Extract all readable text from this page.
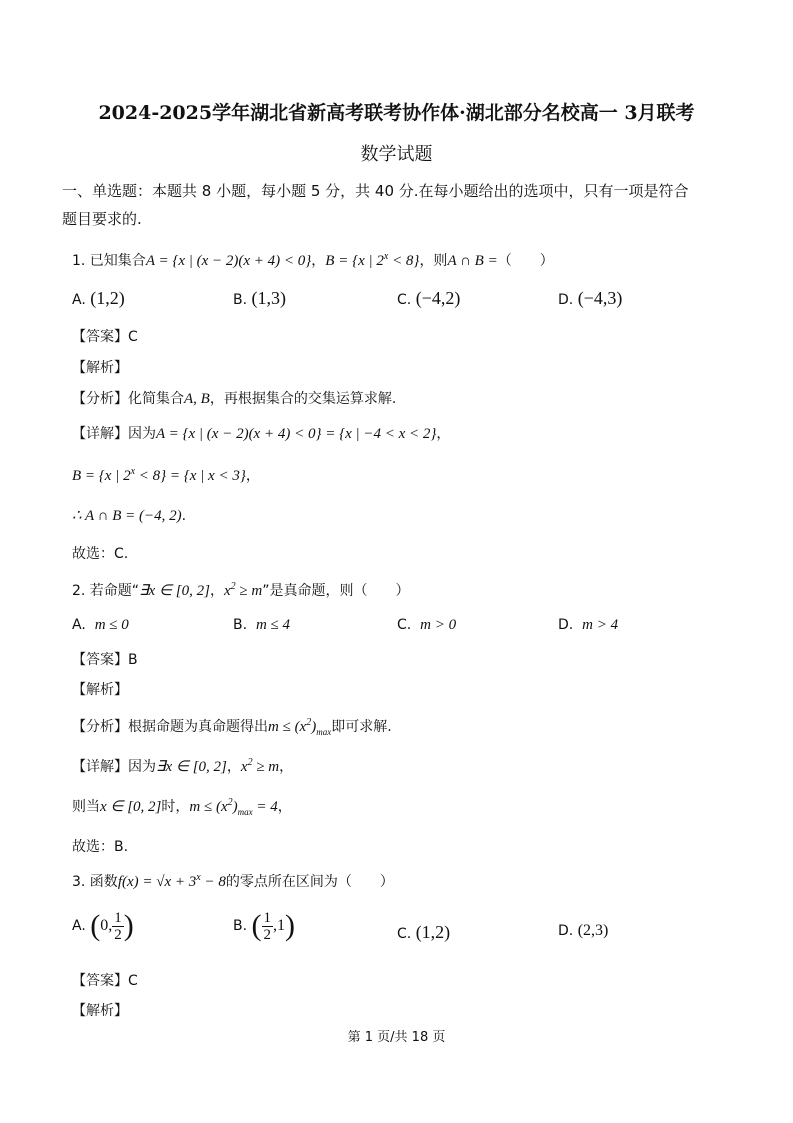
2024-2025学年湖北省新高考联考协作体·湖北部分名校高一 3月联考
数学试题
一、单选题：本题共 8 小题，每小题 5 分，共 40 分.在每小题给出的选项中，只有一项是符合
题目要求的.
1. 已知集合A = {x | (x − 2)(x + 4) < 0}，B = {x | $2^x < 8$}，则A ∩ B =（　　）
A. (1,2)	B. (1,3)	C. (−4,2)	D. (−4,3)
【答案】C
【解析】
【分析】化简集合A, B，再根据集合的交集运算求解.
【详解】因为A = {x | (x − 2)(x + 4) < 0} = {x | −4 < x < 2}，
B = {x | $2^x < 8\} = \{x$ | x < 3}，
∴ A ∩ B = (−4, 2).
故选：C.
2. 若命题“∃x ∈ [0, 2]，$x^2 \ge m$”是真命题，则（　　）
A. m ≤ 0	B. m ≤ 4	C. m > 0	D. m > 4
【答案】B
【解析】
【分析】根据命题为真命题得出$m \le (x^2)_{max}$即可求解.
【详解】因为∃x ∈ [0, 2]，$x^2 \ge m$，
则当x ∈ [0, 2]时，$m \le (x^2)_{max} = 4$，
故选：B.
3. 函数$f(x) = √x + 3^x - 8$的零点所在区间为（　　）
A. (0, $\frac{1}{2}$ )	B. ( $\frac{1}{2} ,1$)	C. (1,2)	D. (2,3)
【答案】C
【解析】
第 1 页/共 18 页
